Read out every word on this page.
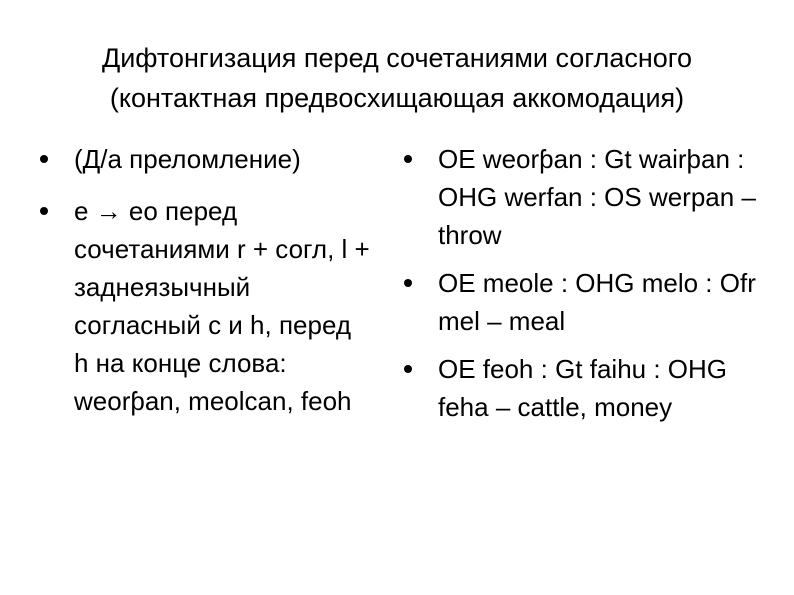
Дифтонгизация перед сочетаниями согласного
(контактная предвосхищающая аккомодация)
(Д/а преломление)
е → ео перед сочетаниями r + согл, l + заднеязычный согласный с и h, перед h на конце слова: weorƥan, meolcan, feoh
OE weorƥan : Gt wairþan : OHG werfan : OS werpan – throw
OE meole : OHG melo : Ofr mel – meal
OE feoh : Gt faihu : OHG feha – cattle, money
